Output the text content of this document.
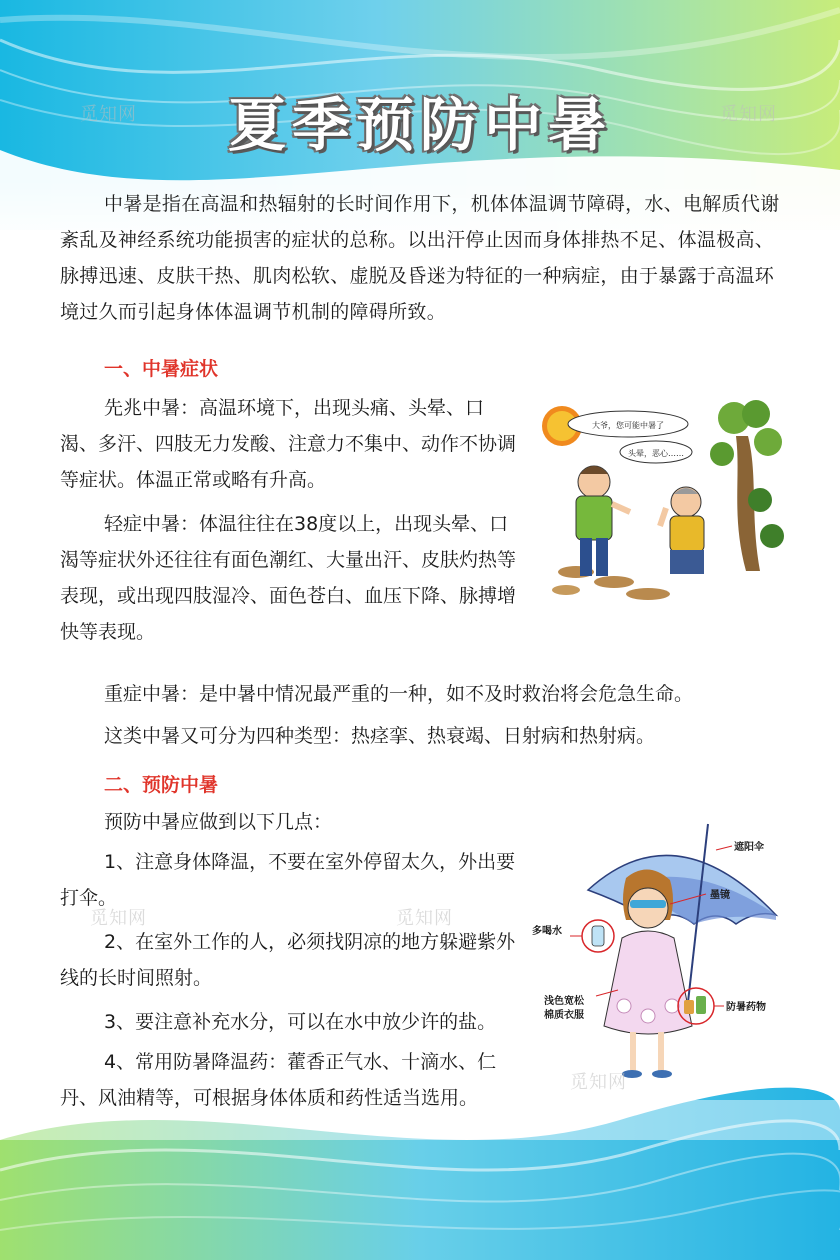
夏季预防中暑
觅知网	觅知网
觅知网	觅知网
觅知网

中暑是指在高温和热辐射的长时间作用下，机体体温调节障碍，水、电解质代谢紊乱及神经系统功能损害的症状的总称。以出汗停止因而身体排热不足、体温极高、脉搏迅速、皮肤干热、肌肉松软、虚脱及昏迷为特征的一种病症，由于暴露于高温环境过久而引起身体体温调节机制的障碍所致。

一、中暑症状

先兆中暑：高温环境下，出现头痛、头晕、口渴、多汗、四肢无力发酸、注意力不集中、动作不协调等症状。体温正常或略有升高。

轻症中暑：体温往往在38度以上，出现头晕、口渴等症状外还往往有面色潮红、大量出汗、皮肤灼热等表现，或出现四肢湿冷、面色苍白、血压下降、脉搏增快等表现。

重症中暑：是中暑中情况最严重的一种，如不及时救治将会危急生命。

这类中暑又可分为四种类型：热痉挛、热衰竭、日射病和热射病。

二、预防中暑

预防中暑应做到以下几点：

1、注意身体降温，不要在室外停留太久，外出要打伞。

2、在室外工作的人，必须找阴凉的地方躲避紫外线的长时间照射。

3、要注意补充水分，可以在水中放少许的盐。

4、常用防暑降温药：藿香正气水、十滴水、仁丹、风油精等，可根据身体体质和药性适当选用。

大爷，您可能中暑了
头晕，恶心……
遮阳伞
墨镜
多喝水
浅色宽松
棉质衣服
防暑药物
